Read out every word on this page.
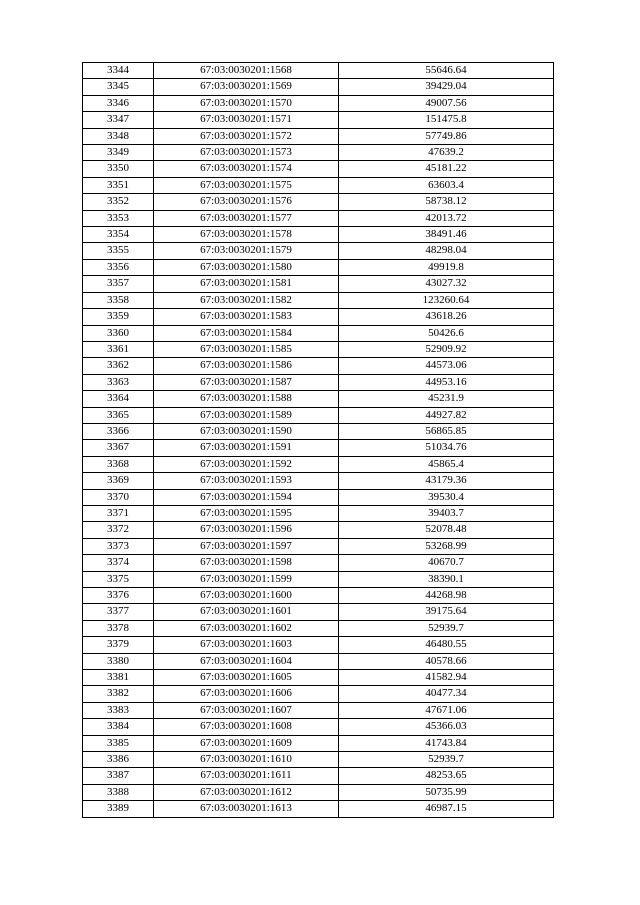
3344	67:03:0030201:1568	55646.64
3345	67:03:0030201:1569	39429.04
3346	67:03:0030201:1570	49007.56
3347	67:03:0030201:1571	151475.8
3348	67:03:0030201:1572	57749.86
3349	67:03:0030201:1573	47639.2
3350	67:03:0030201:1574	45181.22
3351	67:03:0030201:1575	63603.4
3352	67:03:0030201:1576	58738.12
3353	67:03:0030201:1577	42013.72
3354	67:03:0030201:1578	38491.46
3355	67:03:0030201:1579	48298.04
3356	67:03:0030201:1580	49919.8
3357	67:03:0030201:1581	43027.32
3358	67:03:0030201:1582	123260.64
3359	67:03:0030201:1583	43618.26
3360	67:03:0030201:1584	50426.6
3361	67:03:0030201:1585	52909.92
3362	67:03:0030201:1586	44573.06
3363	67:03:0030201:1587	44953.16
3364	67:03:0030201:1588	45231.9
3365	67:03:0030201:1589	44927.82
3366	67:03:0030201:1590	56865.85
3367	67:03:0030201:1591	51034.76
3368	67:03:0030201:1592	45865.4
3369	67:03:0030201:1593	43179.36
3370	67:03:0030201:1594	39530.4
3371	67:03:0030201:1595	39403.7
3372	67:03:0030201:1596	52078.48
3373	67:03:0030201:1597	53268.99
3374	67:03:0030201:1598	40670.7
3375	67:03:0030201:1599	38390.1
3376	67:03:0030201:1600	44268.98
3377	67:03:0030201:1601	39175.64
3378	67:03:0030201:1602	52939.7
3379	67:03:0030201:1603	46480.55
3380	67:03:0030201:1604	40578.66
3381	67:03:0030201:1605	41582.94
3382	67:03:0030201:1606	40477.34
3383	67:03:0030201:1607	47671.06
3384	67:03:0030201:1608	45366.03
3385	67:03:0030201:1609	41743.84
3386	67:03:0030201:1610	52939.7
3387	67:03:0030201:1611	48253.65
3388	67:03:0030201:1612	50735.99
3389	67:03:0030201:1613	46987.15
